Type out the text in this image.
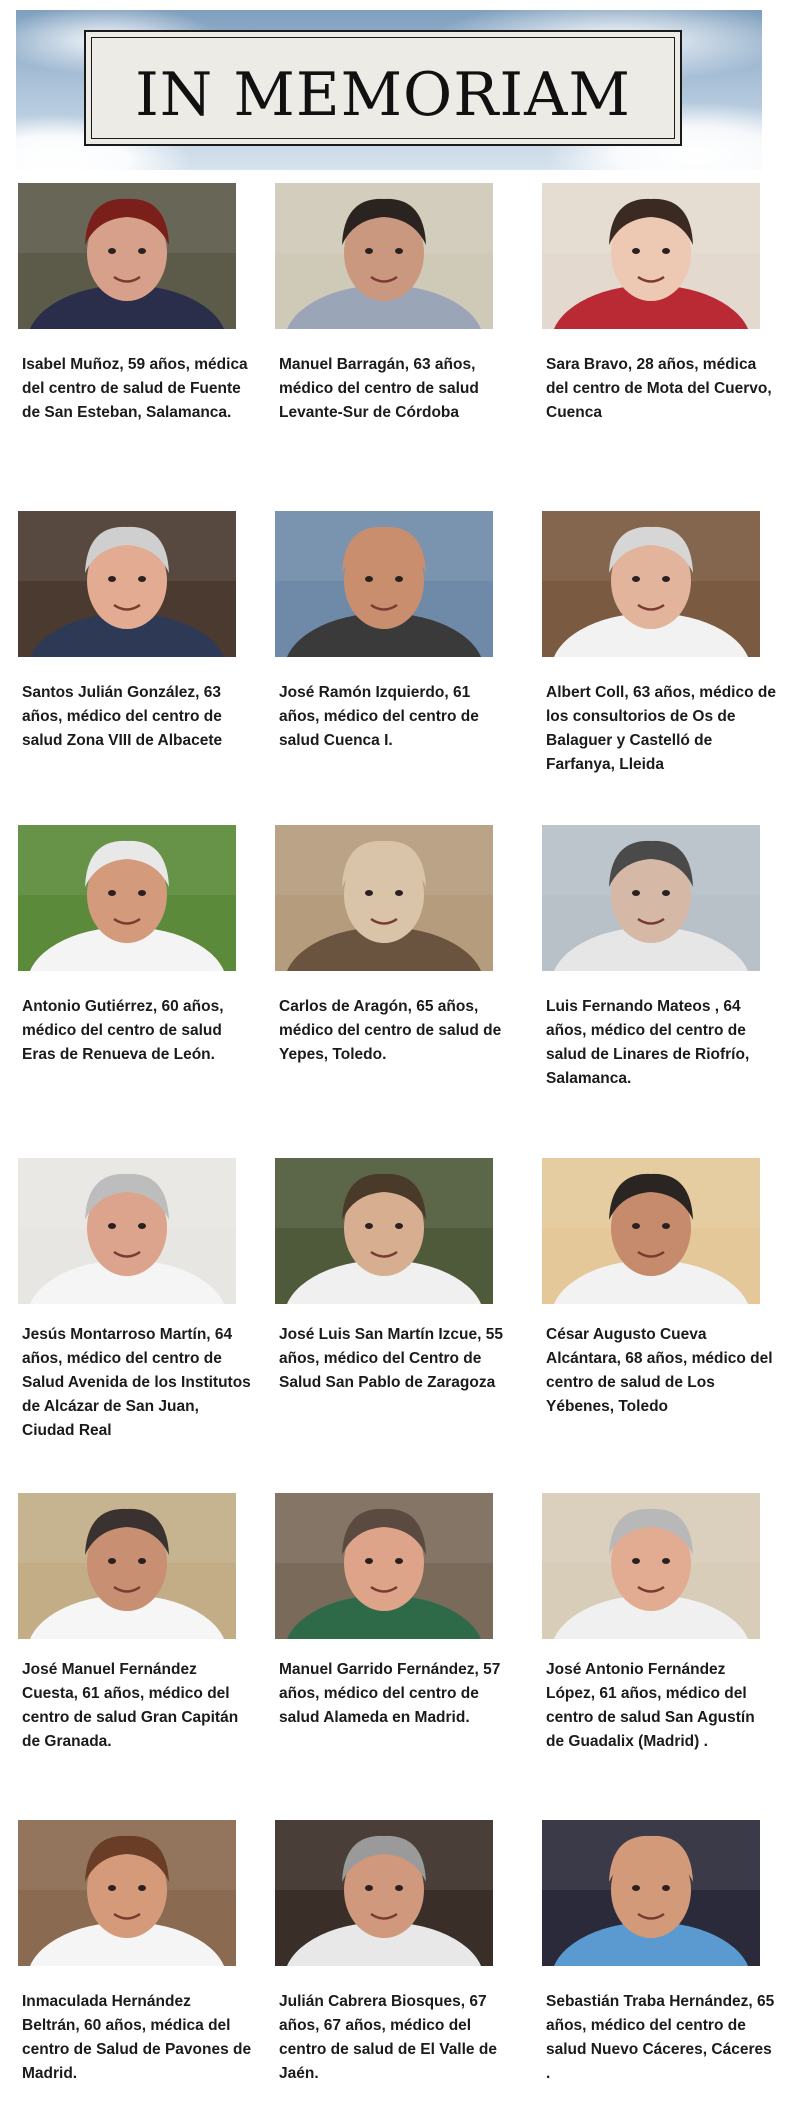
IN MEMORIAM
Isabel Muñoz, 59 años, médica del centro de salud de Fuente de San Esteban, Salamanca.
Manuel Barragán, 63 años, médico del centro de salud Levante-Sur de Córdoba
Sara Bravo, 28 años, médica del centro de Mota del Cuervo, Cuenca
Santos Julián González, 63 años, médico del centro de salud Zona VIII de Albacete
José Ramón Izquierdo, 61 años, médico del centro de salud Cuenca I.
Albert Coll, 63 años, médico de los consultorios de Os de Balaguer y Castelló de Farfanya, Lleida
Antonio Gutiérrez, 60 años, médico del centro de salud Eras de Renueva de León.
Carlos de Aragón, 65 años, médico del centro de salud de Yepes, Toledo.
Luis Fernando Mateos , 64 años, médico del centro de salud de Linares de Riofrío, Salamanca.
Jesús Montarroso Martín, 64 años, médico del centro de Salud Avenida de los Institutos de Alcázar de San Juan, Ciudad Real
José Luis San Martín Izcue, 55 años, médico del Centro de Salud San Pablo de Zaragoza
César Augusto Cueva Alcántara, 68 años, médico del centro de salud de Los Yébenes, Toledo
José Manuel Fernández Cuesta, 61 años, médico del centro de salud Gran Capitán de Granada.
Manuel Garrido Fernández, 57 años, médico del centro de salud Alameda en Madrid.
José Antonio Fernández López, 61 años, médico del centro de salud San Agustín de Guadalix (Madrid) .
Inmaculada Hernández Beltrán, 60 años, médica del centro de Salud de Pavones de Madrid.
Julián Cabrera Biosques, 67 años, 67 años, médico del centro de salud de El Valle de Jaén.
Sebastián Traba Hernández, 65 años, médico del centro de salud Nuevo Cáceres, Cáceres .
